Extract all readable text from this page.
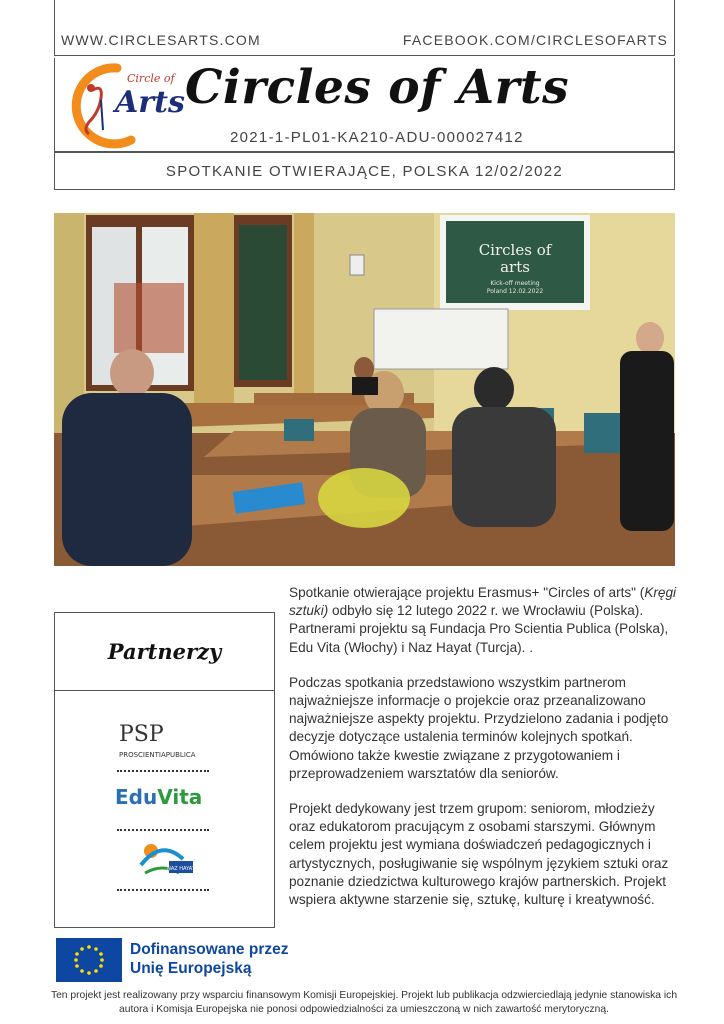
WWW.CIRCLESARTS.COM	FACEBOOK.COM/CIRCLESOFARTS
Circle of
Arts Circles of Arts
2021-1-PL01-KA210-ADU-000027412
SPOTKANIE OTWIERAJĄCE, POLSKA 12/02/2022
Circles of
arts
Kick-off meeting
Poland 12.02.2022
Partnerzy
PSP
PROSCIENTIAPUBLICA
EduVita
NAZ HAYAT

Spotkanie otwierające projektu Erasmus+ "Circles of arts" (Kręgi sztuki) odbyło się 12 lutego 2022 r. we Wrocławiu (Polska). Partnerami projektu są Fundacja Pro Scientia Publica (Polska), Edu Vita (Włochy) i Naz Hayat (Turcja). .

Podczas spotkania przedstawiono wszystkim partnerom najważniejsze informacje o projekcie oraz przeanalizowano najważniejsze aspekty projektu. Przydzielono zadania i podjęto decyzje dotyczące ustalenia terminów kolejnych spotkań. Omówiono także kwestie związane z przygotowaniem i przeprowadzeniem warsztatów dla seniorów.

Projekt dedykowany jest trzem grupom: seniorom, młodzieży oraz edukatorom pracującym z osobami starszymi. Głównym celem projektu jest wymiana doświadczeń pedagogicznych i artystycznych, posługiwanie się wspólnym językiem sztuki oraz poznanie dziedzictwa kulturowego krajów partnerskich. Projekt wspiera aktywne starzenie się, sztukę, kulturę i kreatywność.

Dofinansowane przez
Unię Europejską
Ten projekt jest realizowany przy wsparciu finansowym Komisji Europejskiej. Projekt lub publikacja odzwierciedlają jedynie stanowiska ich autora i Komisja Europejska nie ponosi odpowiedzialności za umieszczoną w nich zawartość merytoryczną.
